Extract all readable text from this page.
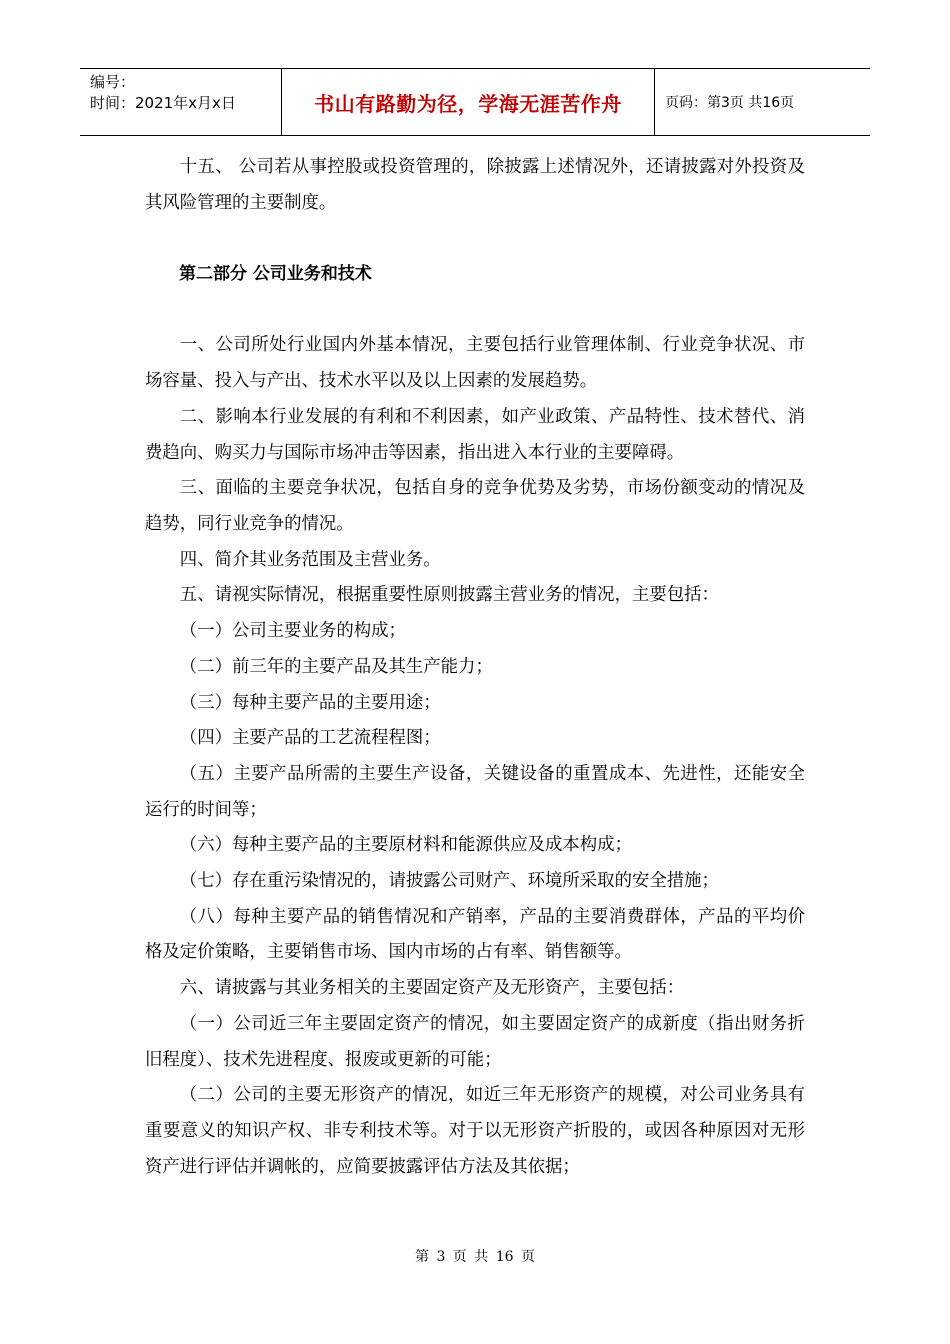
编号：
时间：2021年x月x日	书山有路勤为径，学海无涯苦作舟	页码：第3页 共16页

十五、 公司若从事控股或投资管理的，除披露上述情况外，还请披露对外投资及其风险管理的主要制度。

第二部分 公司业务和技术

一、公司所处行业国内外基本情况，主要包括行业管理体制、行业竞争状况、市场容量、投入与产出、技术水平以及以上因素的发展趋势。

二、影响本行业发展的有利和不利因素，如产业政策、产品特性、技术替代、消费趋向、购买力与国际市场冲击等因素，指出进入本行业的主要障碍。

三、面临的主要竞争状况，包括自身的竞争优势及劣势，市场份额变动的情况及趋势，同行业竞争的情况。

四、简介其业务范围及主营业务。

五、请视实际情况，根据重要性原则披露主营业务的情况，主要包括：

（一）公司主要业务的构成；

（二）前三年的主要产品及其生产能力；

（三）每种主要产品的主要用途；

（四）主要产品的工艺流程程图；

（五）主要产品所需的主要生产设备，关键设备的重置成本、先进性，还能安全运行的时间等；

（六）每种主要产品的主要原材料和能源供应及成本构成；

（七）存在重污染情况的，请披露公司财产、环境所采取的安全措施；

（八）每种主要产品的销售情况和产销率，产品的主要消费群体，产品的平均价格及定价策略，主要销售市场、国内市场的占有率、销售额等。

六、请披露与其业务相关的主要固定资产及无形资产，主要包括：

（一）公司近三年主要固定资产的情况，如主要固定资产的成新度（指出财务折旧程度）、技术先进程度、报废或更新的可能；

（二）公司的主要无形资产的情况，如近三年无形资产的规模，对公司业务具有重要意义的知识产权、非专利技术等。对于以无形资产折股的，或因各种原因对无形资产进行评估并调帐的，应简要披露评估方法及其依据；

第 3 页 共 16 页
